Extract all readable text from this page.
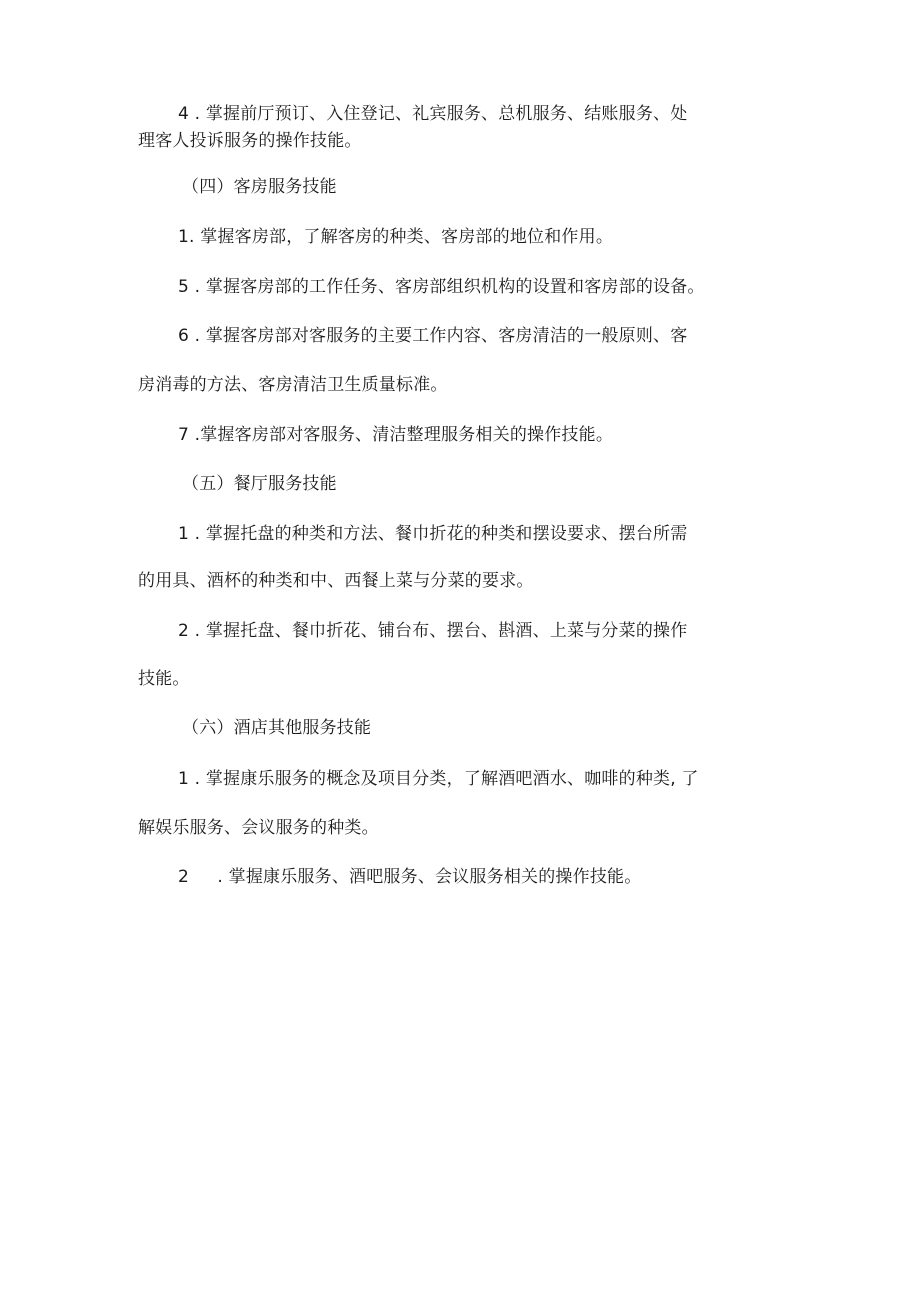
4 . 掌握前厅预订、入住登记、礼宾服务、总机服务、结账服务、处
理客人投诉服务的操作技能。
（四）客房服务技能
1. 掌握客房部，了解客房的种类、客房部的地位和作用。
5 . 掌握客房部的工作任务、客房部组织机构的设置和客房部的设备。
6 . 掌握客房部对客服务的主要工作内容、客房清洁的一般原则、客
房消毒的方法、客房清洁卫生质量标准。
7 .掌握客房部对客服务、清洁整理服务相关的操作技能。
（五）餐厅服务技能
1 . 掌握托盘的种类和方法、餐巾折花的种类和摆设要求、摆台所需
的用具、酒杯的种类和中、西餐上菜与分菜的要求。
2 . 掌握托盘、餐巾折花、铺台布、摆台、斟酒、上菜与分菜的操作
技能。
（六）酒店其他服务技能
1 . 掌握康乐服务的概念及项目分类，了解酒吧酒水、咖啡的种类, 了
解娱乐服务、会议服务的种类。
2 　 . 掌握康乐服务、酒吧服务、会议服务相关的操作技能。
